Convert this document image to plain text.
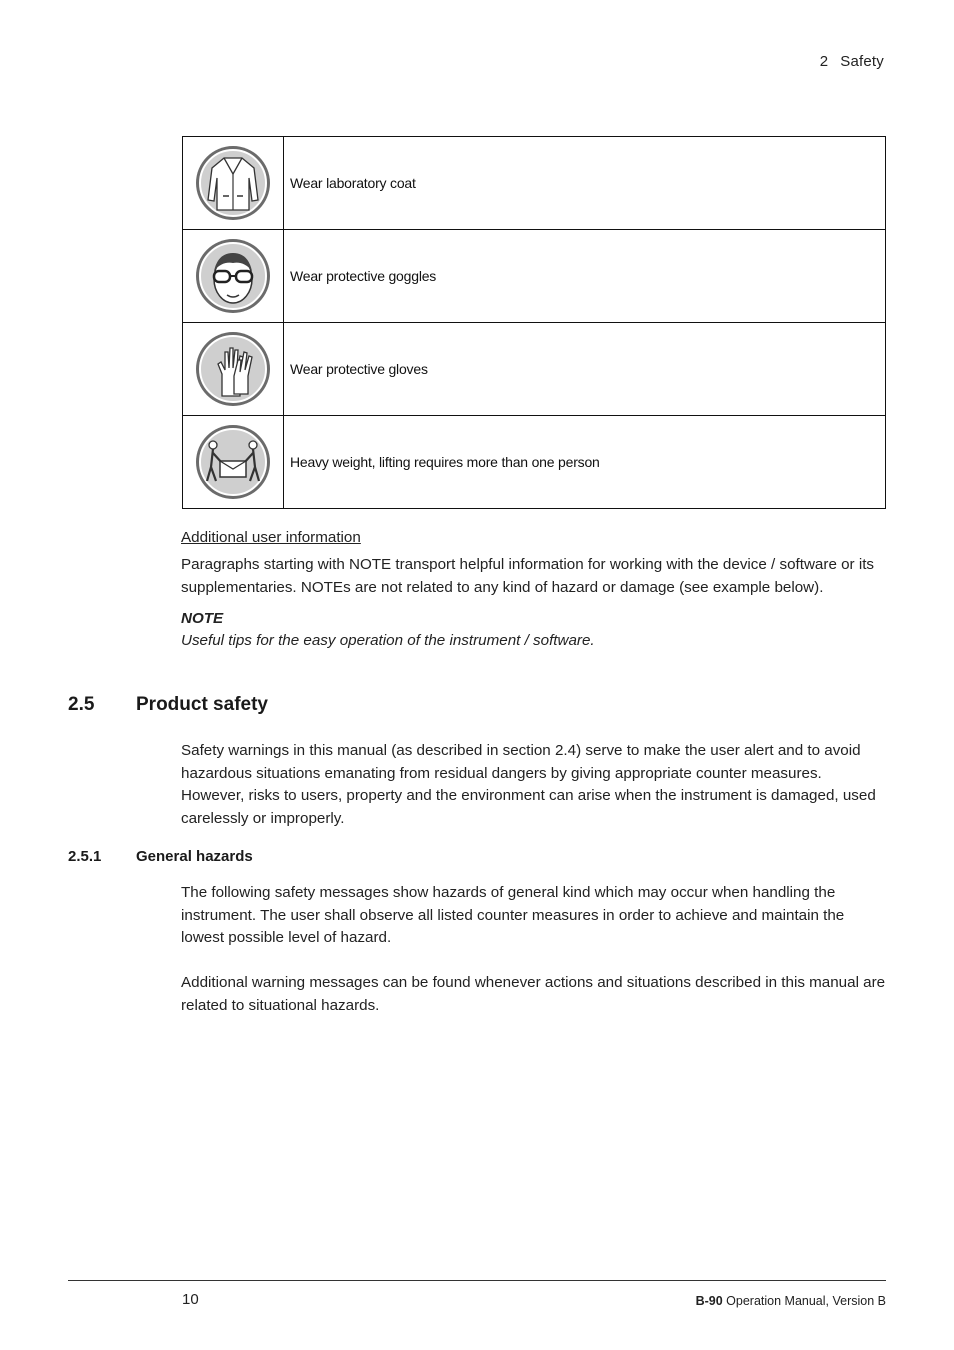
2 Safety
	Wear laboratory coat

	Wear protective goggles

	Wear protective gloves

	Heavy weight, lifting requires more than one person
Additional user information
Paragraphs starting with NOTE transport helpful information for working with the device / software or its supplementaries. NOTEs are not related to any kind of hazard or damage (see example below).
NOTE
Useful tips for the easy operation of the instrument / software.
2.5 Product safety
Safety warnings in this manual (as described in section 2.4) serve to make the user alert and to avoid hazardous situations emanating from residual dangers by giving appropriate counter measures. However, risks to users, property and the environment can arise when the instrument is damaged, used carelessly or improperly.
2.5.1 General hazards
The following safety messages show hazards of general kind which may occur when handling the instrument. The user shall observe all listed counter measures in order to achieve and maintain the lowest possible level of hazard.
Additional warning messages can be found whenever actions and situations described in this manual are related to situational hazards.
10	B-90 Operation Manual, Version B
